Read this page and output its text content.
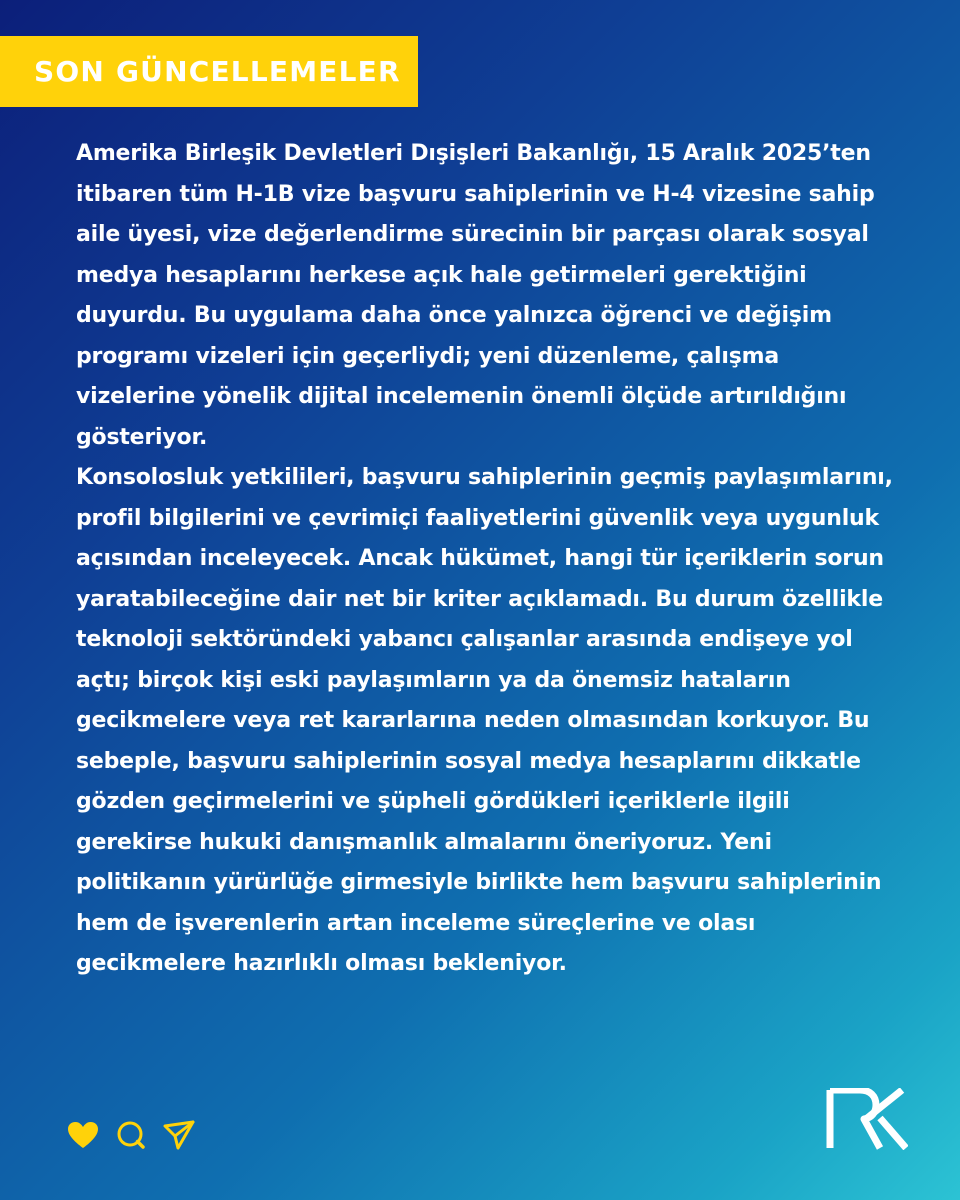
SON GÜNCELLEMELER

Amerika Birleşik Devletleri Dışişleri Bakanlığı, 15 Aralık 2025’ten itibaren tüm H-1B vize başvuru sahiplerinin ve H-4 vizesine sahip aile üyesi, vize değerlendirme sürecinin bir parçası olarak sosyal medya hesaplarını herkese açık hale getirmeleri gerektiğini duyurdu. Bu uygulama daha önce yalnızca öğrenci ve değişim programı vizeleri için geçerliydi; yeni düzenleme, çalışma vizelerine yönelik dijital incelemenin önemli ölçüde artırıldığını gösteriyor.

Konsolosluk yetkilileri, başvuru sahiplerinin geçmiş paylaşımlarını, profil bilgilerini ve çevrimiçi faaliyetlerini güvenlik veya uygunluk açısından inceleyecek. Ancak hükümet, hangi tür içeriklerin sorun yaratabileceğine dair net bir kriter açıklamadı. Bu durum özellikle teknoloji sektöründeki yabancı çalışanlar arasında endişeye yol açtı; birçok kişi eski paylaşımların ya da önemsiz hataların gecikmelere veya ret kararlarına neden olmasından korkuyor. Bu sebeple, başvuru sahiplerinin sosyal medya hesaplarını dikkatle gözden geçirmelerini ve şüpheli gördükleri içeriklerle ilgili gerekirse hukuki danışmanlık almalarını öneriyoruz. Yeni politikanın yürürlüğe girmesiyle birlikte hem başvuru sahiplerinin hem de işverenlerin artan inceleme süreçlerine ve olası gecikmelere hazırlıklı olması bekleniyor.
